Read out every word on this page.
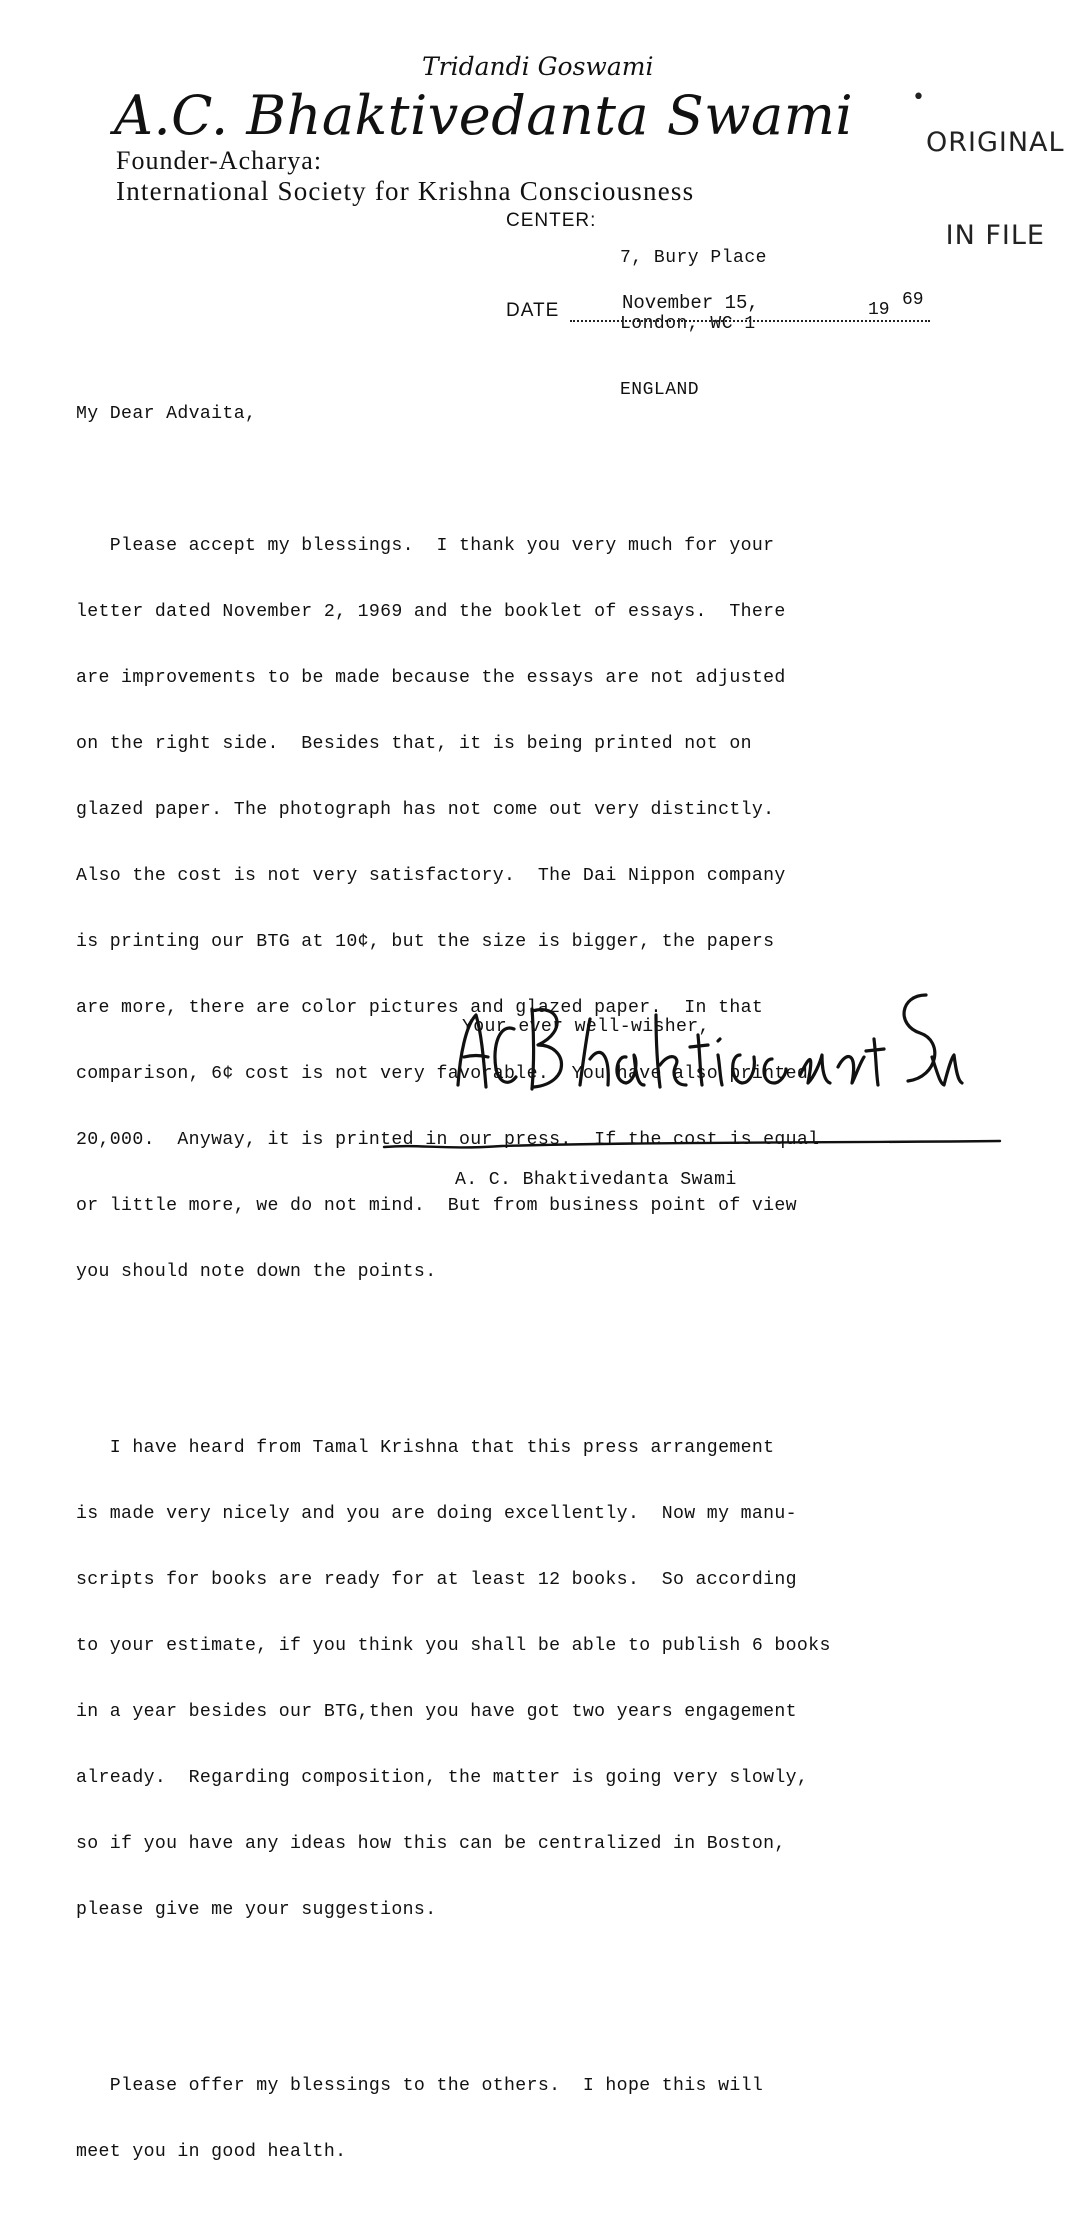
•

ORIGINAL

IN FILE

Tridandi Goswami
A.C. Bhaktivedanta Swami
Founder-Acharya:
International Society for Krishna Consciousness
CENTER:

7, Bury Place

London, WC 1

ENGLAND

DATE	November 15,	19 69
My Dear Advaita,

Please accept my blessings.  I thank you very much for your

letter dated November 2, 1969 and the booklet of essays.  There

are improvements to be made because the essays are not adjusted

on the right side.  Besides that, it is being printed not on

glazed paper. The photograph has not come out very distinctly.

Also the cost is not very satisfactory.  The Dai Nippon company

is printing our BTG at 10¢, but the size is bigger, the papers

are more, there are color pictures and glazed paper.  In that

comparison, 6¢ cost is not very favorable.  You have also printed

20,000.  Anyway, it is printed in our press.  If the cost is equal

or little more, we do not mind.  But from business point of view

you should note down the points.

I have heard from Tamal Krishna that this press arrangement

is made very nicely and you are doing excellently.  Now my manu-

scripts for books are ready for at least 12 books.  So according

to your estimate, if you think you shall be able to publish 6 books

in a year besides our BTG,then you have got two years engagement

already.  Regarding composition, the matter is going very slowly,

so if you have any ideas how this can be centralized in Boston,

please give me your suggestions.

Please offer my blessings to the others.  I hope this will

meet you in good health.

Your ever well-wisher,
A. C. Bhaktivedanta Swami
